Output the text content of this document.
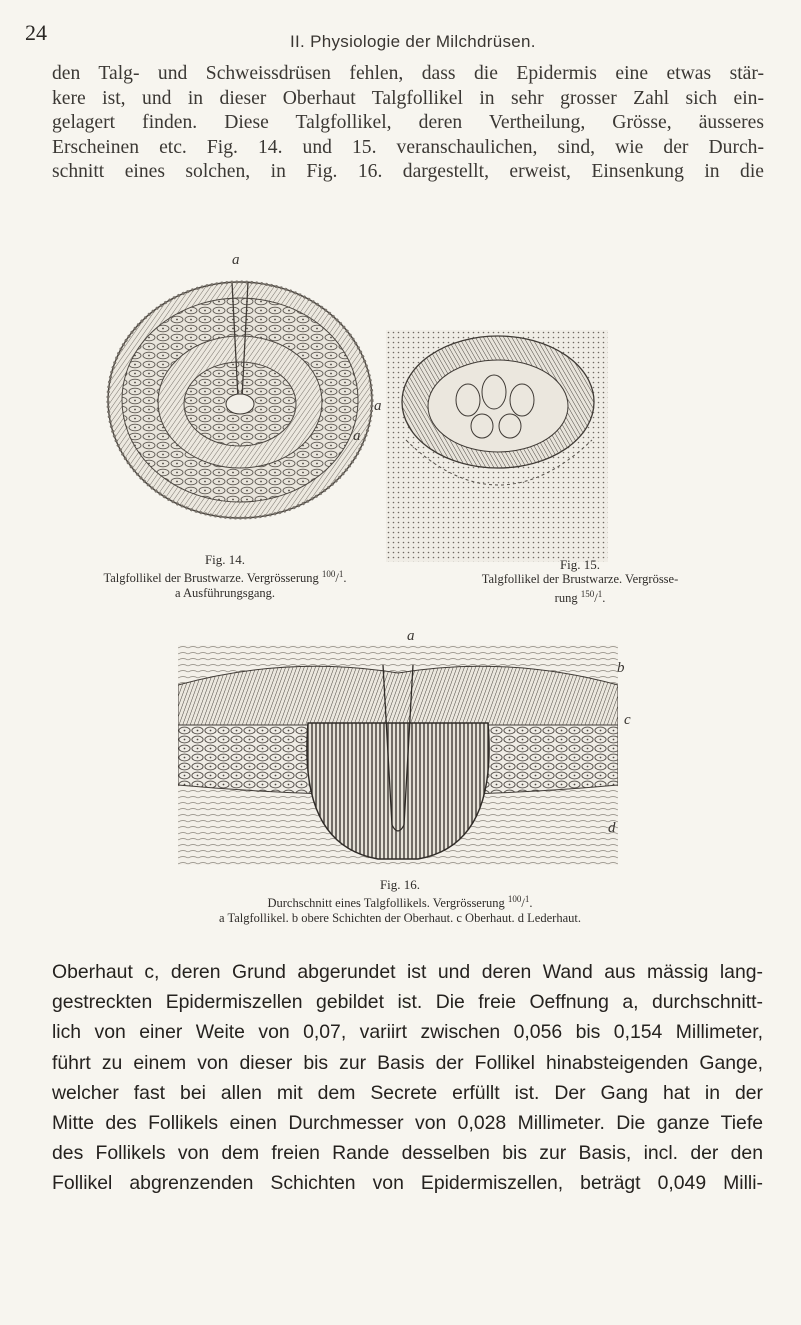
24	II. Physiologie der Milchdrüsen.
den Talg- und Schweissdrüsen fehlen, dass die Epidermis eine etwas stär-
kere ist, und in dieser Oberhaut Talgfollikel in sehr grosser Zahl sich ein-
gelagert finden. Diese Talgfollikel, deren Vertheilung, Grösse, äusseres
Erscheinen etc. Fig. 14. und 15. veranschaulichen, sind, wie der Durch-
schnitt eines solchen, in Fig. 16. dargestellt, erweist, Einsenkung in die
a
a
a
Fig. 14.
Talgfollikel der Brustwarze. Vergrösserung $^{100}$/$^1$.
a Ausführungsgang.
Fig. 15.
Talgfollikel der Brustwarze. Vergrösse-
rung $^{150}$/$^1$.
a
b
c
d
Fig. 16.
Durchschnitt eines Talgfollikels. Vergrösserung $^{100}$/$^1$.
a Talgfollikel. b obere Schichten der Oberhaut. c Oberhaut. d Lederhaut.
Oberhaut c, deren Grund abgerundet ist und deren Wand aus mässig lang-
gestreckten Epidermiszellen gebildet ist. Die freie Oeffnung a, durchschnitt-
lich von einer Weite von 0,07, variirt zwischen 0,056 bis 0,154 Millimeter,
führt zu einem von dieser bis zur Basis der Follikel hinabsteigenden Gange,
welcher fast bei allen mit dem Secrete erfüllt ist. Der Gang hat in der
Mitte des Follikels einen Durchmesser von 0,028 Millimeter. Die ganze Tiefe
des Follikels von dem freien Rande desselben bis zur Basis, incl. der den
Follikel abgrenzenden Schichten von Epidermiszellen, beträgt 0,049 Milli-
